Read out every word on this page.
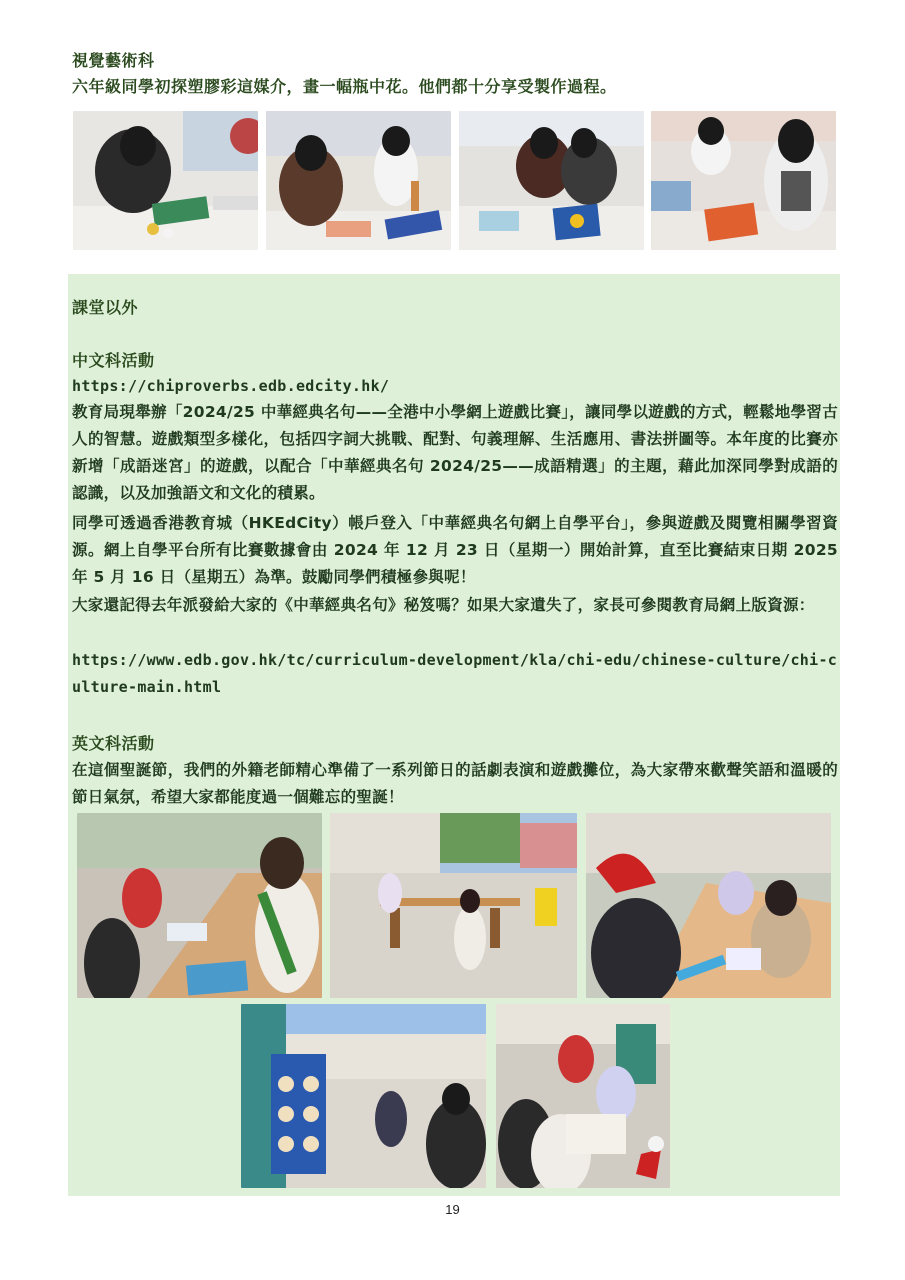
視覺藝術科

六年級同學初探塑膠彩這媒介，畫一幅瓶中花。他們都十分享受製作過程。

課堂以外

中文科活動

https://chiproverbs.edb.edcity.hk/

教育局現舉辦「2024/25 中華經典名句——全港中小學網上遊戲比賽」，讓同學以遊戲的方式，輕鬆地學習古人的智慧。遊戲類型多樣化，包括四字詞大挑戰、配對、句義理解、生活應用、書法拼圖等。本年度的比賽亦新增「成語迷宮」的遊戲，以配合「中華經典名句 2024/25——成語精選」的主題，藉此加深同學對成語的認識，以及加強語文和文化的積累。

同學可透過香港教育城（HKEdCity）帳戶登入「中華經典名句網上自學平台」，參與遊戲及閱覽相關學習資源。網上自學平台所有比賽數據會由 2024 年 12 月 23 日（星期一）開始計算，直至比賽結束日期 2025 年 5 月 16 日（星期五）為準。鼓勵同學們積極參與呢！

大家還記得去年派發給大家的《中華經典名句》秘笈嗎？如果大家遺失了，家長可參閱教育局網上版資源：

https://www.edb.gov.hk/tc/curriculum-development/kla/chi-edu/chinese-culture/chi-culture-main.html

英文科活動

在這個聖誕節，我們的外籍老師精心準備了一系列節日的話劇表演和遊戲攤位，為大家帶來歡聲笑語和溫暖的節日氣氛，希望大家都能度過一個難忘的聖誕！

19
